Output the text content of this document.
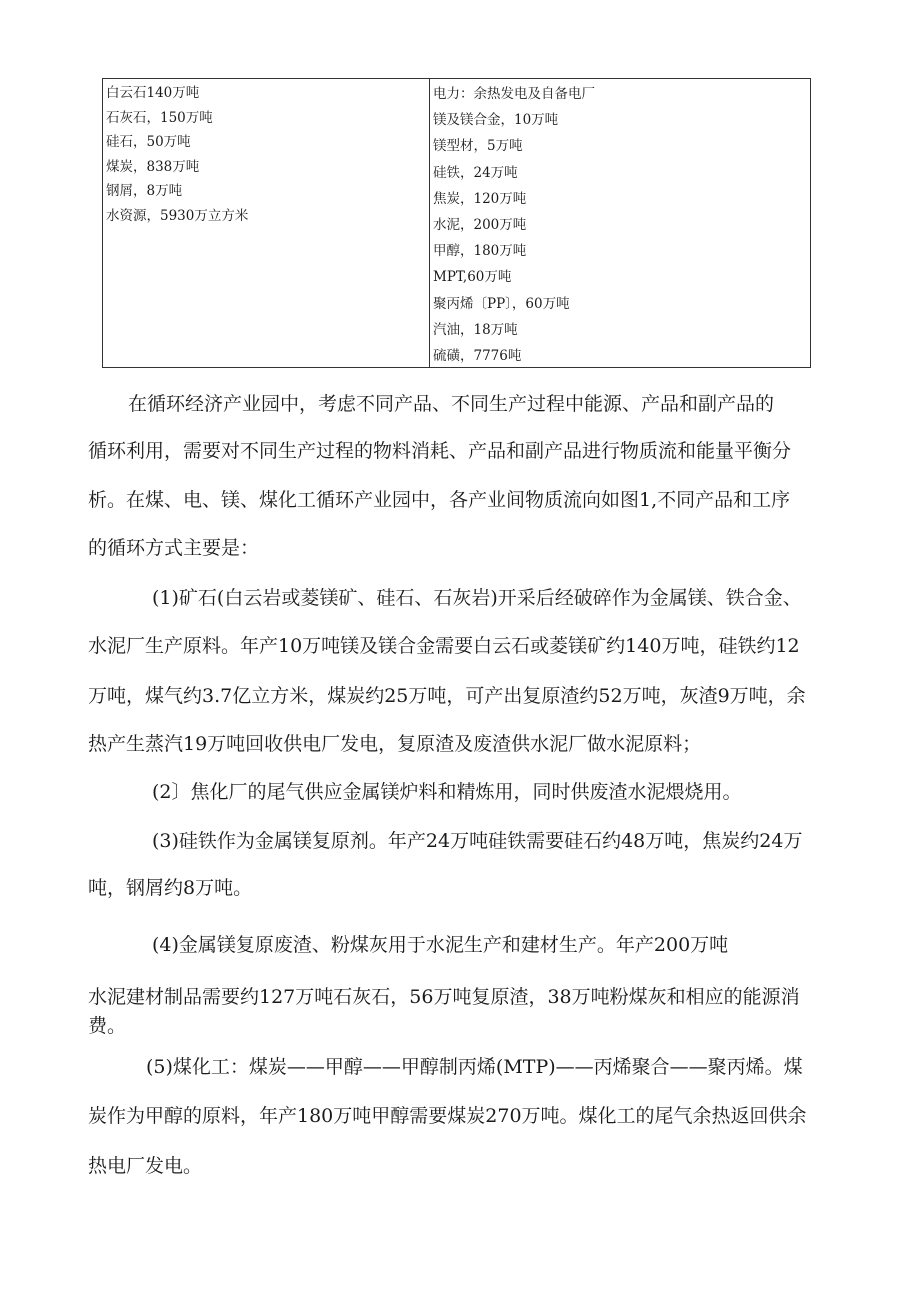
白云石140万吨
石灰石，150万吨
硅石，50万吨
煤炭，838万吨
钢屑，8万吨
水资源，5930万立方米
电力：余热发电及自备电厂
镁及镁合金，10万吨
镁型材，5万吨
硅铁，24万吨
焦炭，120万吨
水泥，200万吨
甲醇，180万吨
MPT,60万吨
聚丙烯〔PP〕，60万吨
汽油，18万吨
硫磺，7776吨
在循环经济产业园中，考虑不同产品、不同生产过程中能源、产品和副产品的
循环利用，需要对不同生产过程的物料消耗、产品和副产品进行物质流和能量平衡分
析。在煤、电、镁、煤化工循环产业园中，各产业间物质流向如图1,不同产品和工序
的循环方式主要是：
(1)矿石(白云岩或菱镁矿、硅石、石灰岩)开采后经破碎作为金属镁、铁合金、
水泥厂生产原料。年产10万吨镁及镁合金需要白云石或菱镁矿约140万吨，硅铁约12
万吨，煤气约3.7亿立方米，煤炭约25万吨，可产出复原渣约52万吨，灰渣9万吨，余
热产生蒸汽19万吨回收供电厂发电，复原渣及废渣供水泥厂做水泥原料；
(2〕焦化厂的尾气供应金属镁炉料和精炼用，同时供废渣水泥煨烧用。
(3)硅铁作为金属镁复原剂。年产24万吨硅铁需要硅石约48万吨，焦炭约24万
吨，钢屑约8万吨。
(4)金属镁复原废渣、粉煤灰用于水泥生产和建材生产。年产200万吨
水泥建材制品需要约127万吨石灰石，56万吨复原渣，38万吨粉煤灰和相应的能源消
费。
(5)煤化工：煤炭——甲醇——甲醇制丙烯(MTP)——丙烯聚合——聚丙烯。煤
炭作为甲醇的原料，年产180万吨甲醇需要煤炭270万吨。煤化工的尾气余热返回供余
热电厂发电。
